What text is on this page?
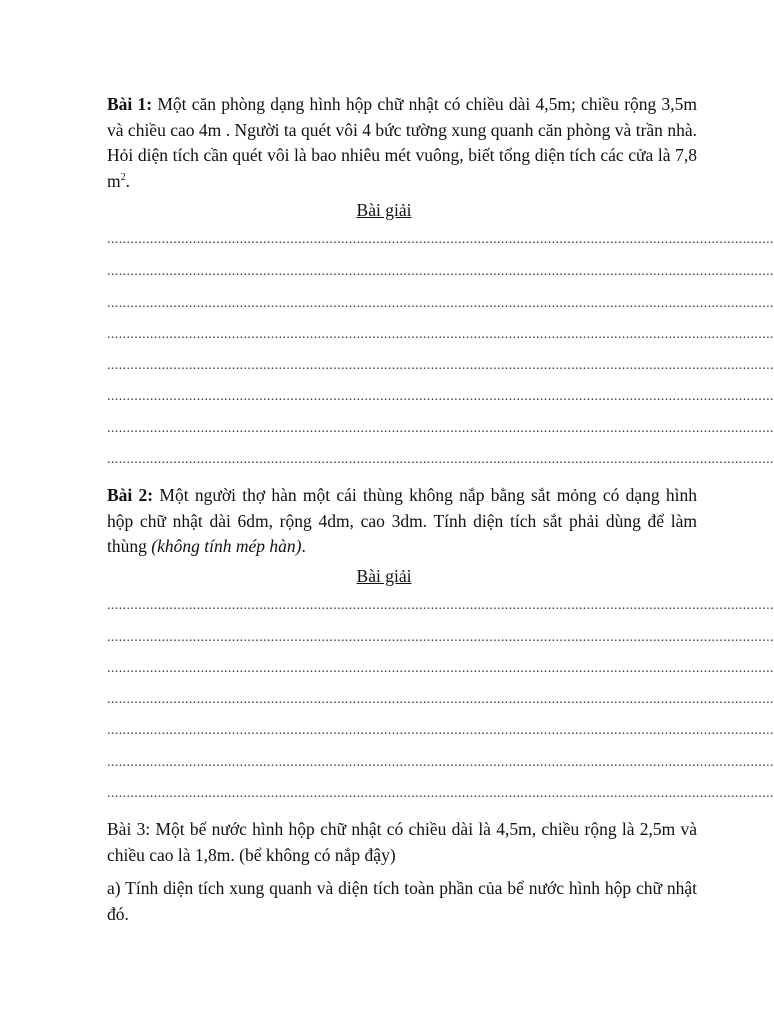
Bài 1: Một căn phòng dạng hình hộp chữ nhật có chiều dài 4,5m; chiều rộng 3,5m và chiều cao 4m . Người ta quét vôi 4 bức tường xung quanh căn phòng và trần nhà. Hỏi diện tích cần quét vôi là bao nhiêu mét vuông, biết tổng diện tích các cửa là 7,8 $m^2$.

Bài giải
...........................................................................................................................................................................
...........................................................................................................................................................................
...........................................................................................................................................................................
...........................................................................................................................................................................
...........................................................................................................................................................................
...........................................................................................................................................................................
...........................................................................................................................................................................
...........................................................................................................................................................................

Bài 2: Một người thợ hàn một cái thùng không nắp bằng sắt mỏng có dạng hình hộp chữ nhật dài 6dm, rộng 4dm, cao 3dm. Tính diện tích sắt phải dùng để làm thùng (không tính mép hàn).

Bài giải
...........................................................................................................................................................................
...........................................................................................................................................................................
...........................................................................................................................................................................
...........................................................................................................................................................................
...........................................................................................................................................................................
...........................................................................................................................................................................
...........................................................................................................................................................................

Bài 3: Một bể nước hình hộp chữ nhật có chiều dài là 4,5m, chiều rộng là 2,5m và chiều cao là 1,8m. (bể không có nắp đậy)

a) Tính diện tích xung quanh và diện tích toàn phần của bể nước hình hộp chữ nhật đó.
